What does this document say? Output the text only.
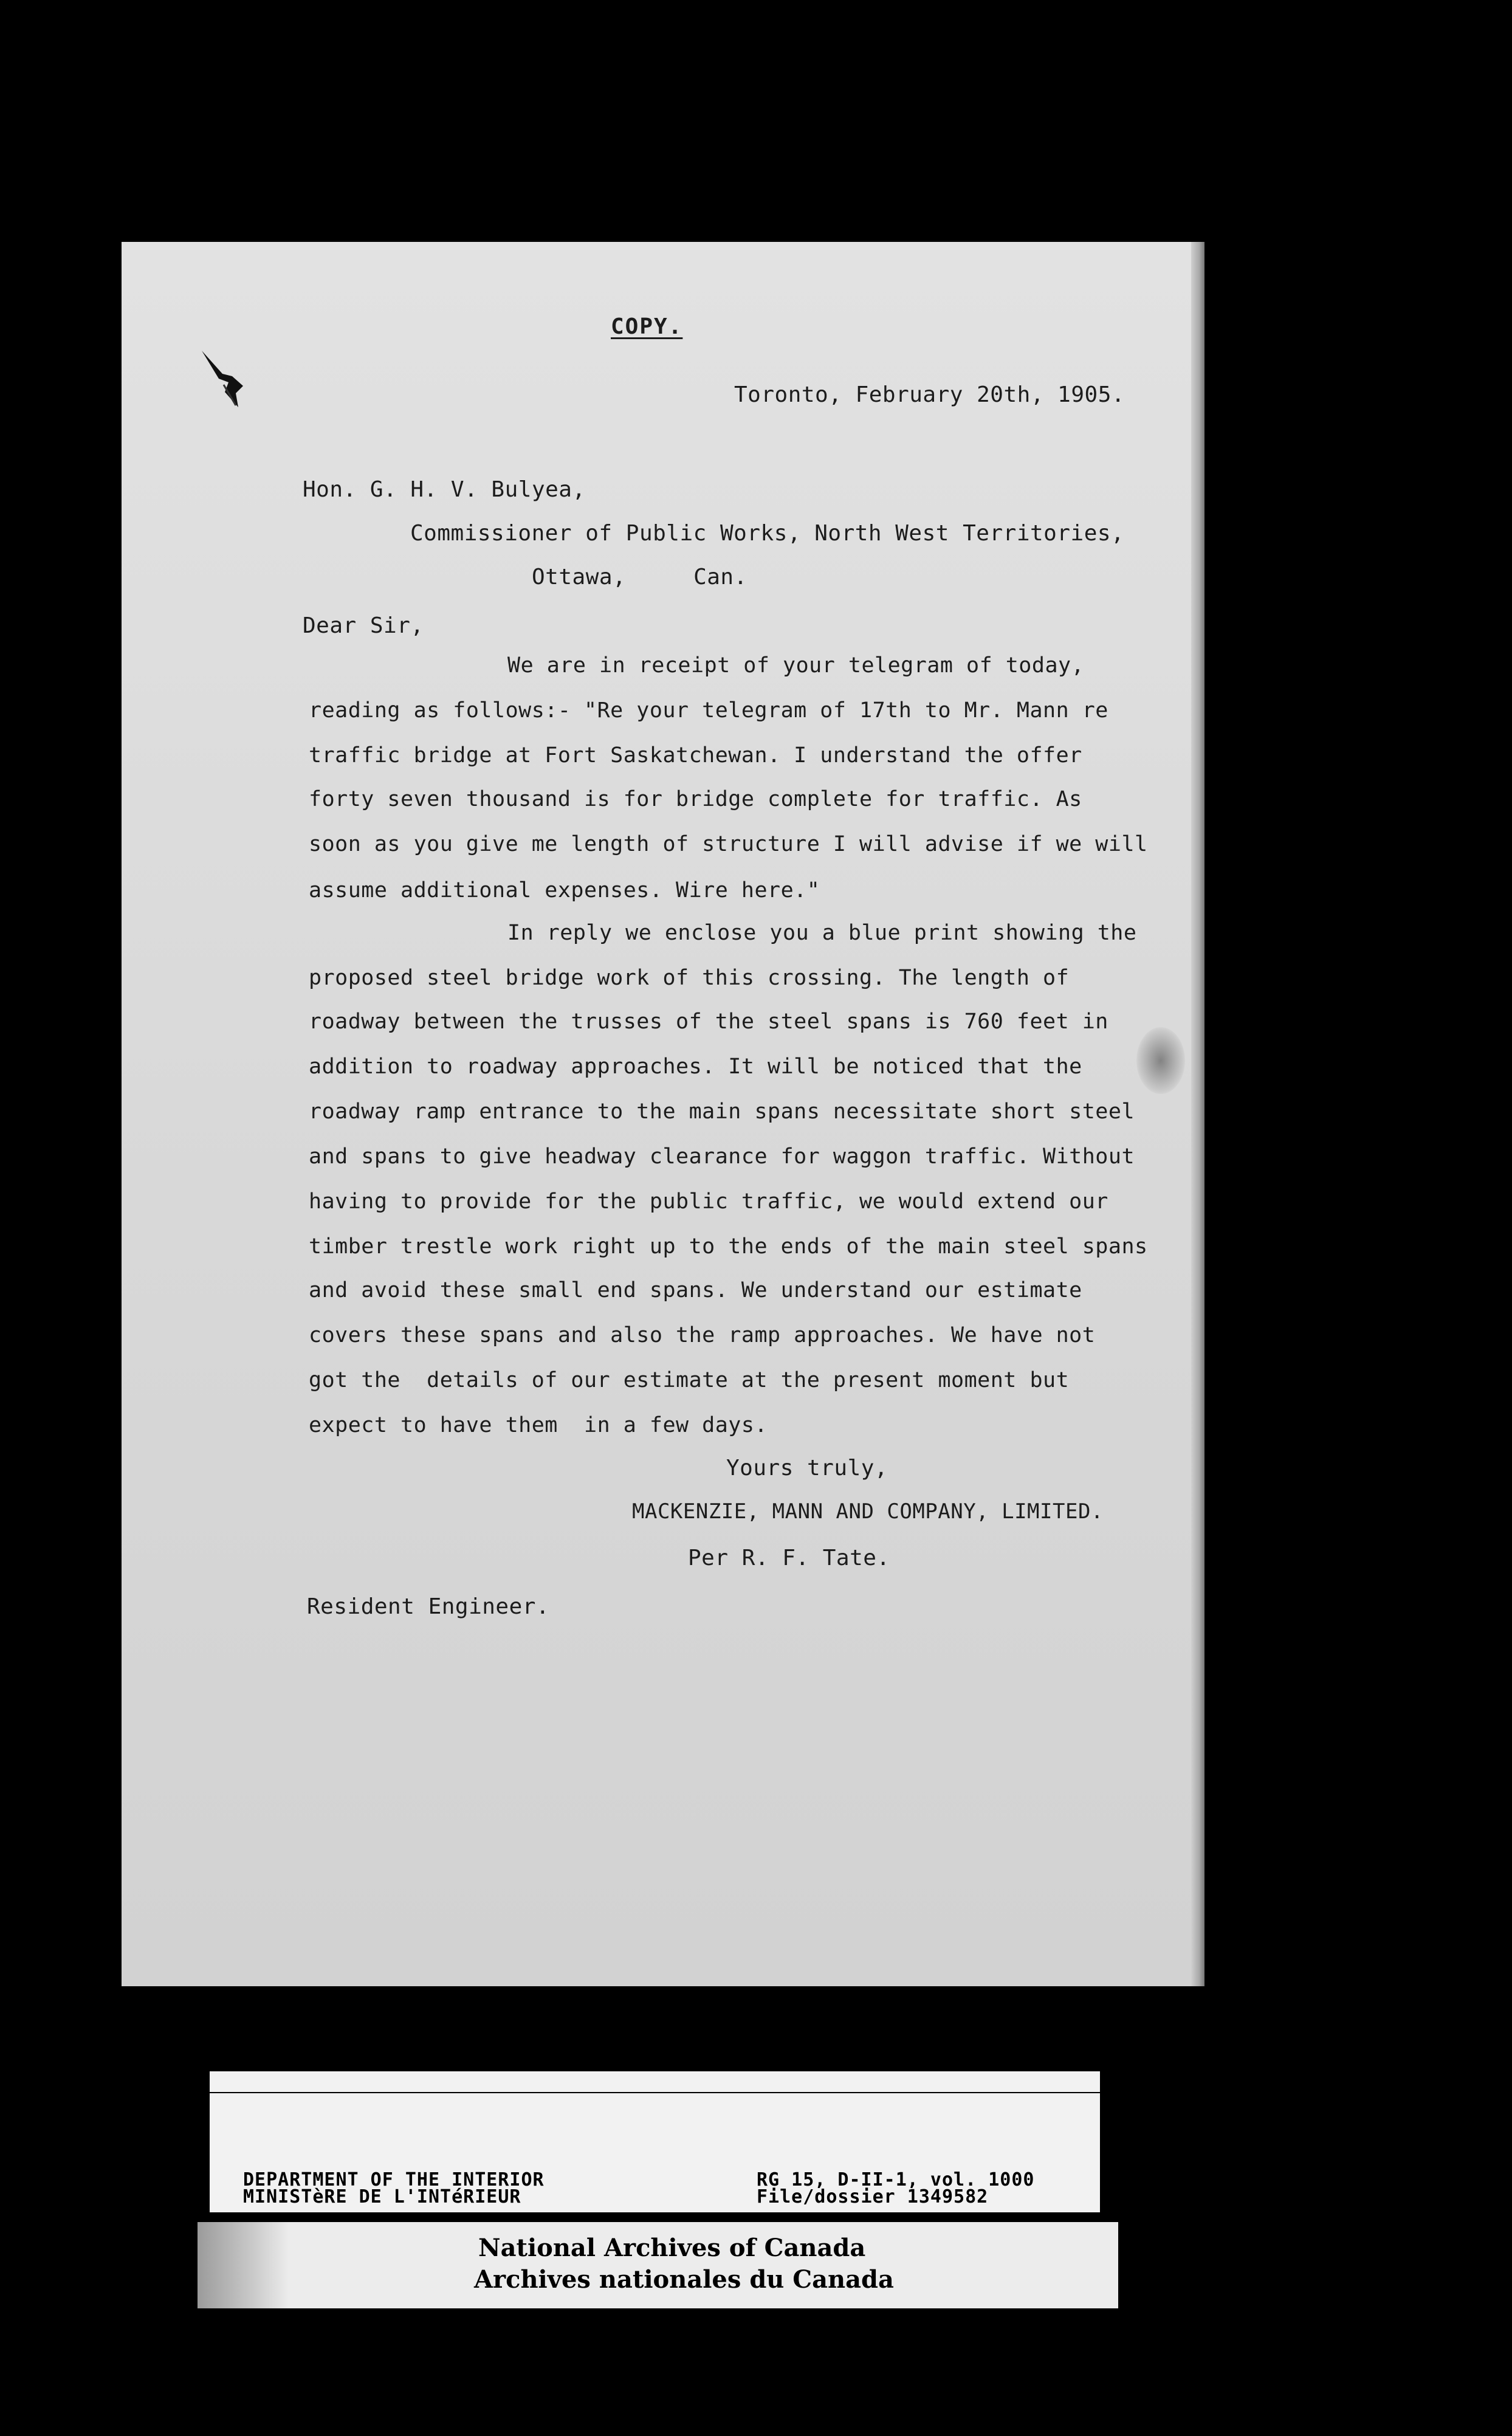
COPY.
Toronto, February 20th, 1905.
Hon. G. H. V. Bulyea,
Commissioner of Public Works, North West Territories,
Ottawa,     Can.
Dear Sir,
We are in receipt of your telegram of today,
reading as follows:- "Re your telegram of 17th to Mr. Mann re
traffic bridge at Fort Saskatchewan. I understand the offer
forty seven thousand is for bridge complete for traffic. As
soon as you give me length of structure I will advise if we will
assume additional expenses. Wire here."
In reply we enclose you a blue print showing the
proposed steel bridge work of this crossing. The length of
roadway between the trusses of the steel spans is 760 feet in
addition to roadway approaches. It will be noticed that the
roadway ramp entrance to the main spans necessitate short steel
and spans to give headway clearance for waggon traffic. Without
having to provide for the public traffic, we would extend our
timber trestle work right up to the ends of the main steel spans
and avoid these small end spans. We understand our estimate
covers these spans and also the ramp approaches. We have not
got the  details of our estimate at the present moment but
expect to have them  in a few days.
Yours truly,
MACKENZIE, MANN AND COMPANY, LIMITED.
Per R. F. Tate.
Resident Engineer.
DEPARTMENT OF THE INTERIOR
MINISTèRE DE L'INTéRIEUR
RG 15, D-II-1, vol. 1000
File/dossier 1349582
National Archives of Canada
Archives nationales du Canada
